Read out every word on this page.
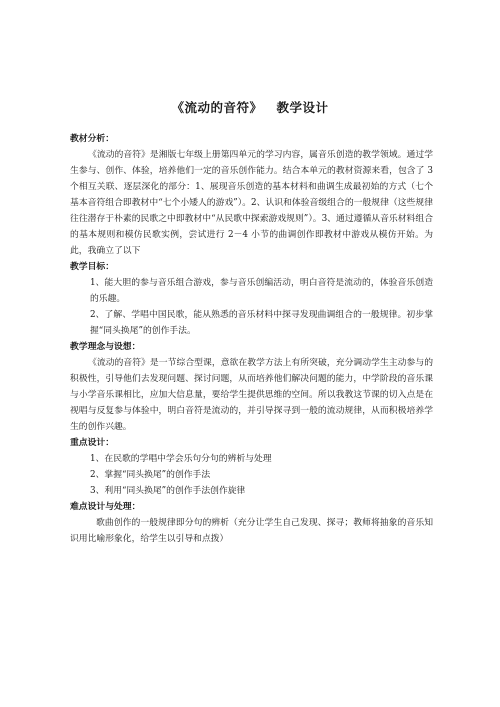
《流动的音符》 教学设计
教材分析：

《流动的音符》是湘版七年级上册第四单元的学习内容，属音乐创造的教学领域。通过学生参与、创作、体验，培养他们一定的音乐创作能力。结合本单元的教材资源来看，包含了 3 个相互关联、逐层深化的部分：1、展现音乐创造的基本材料和曲调生成最初始的方式（七个基本音符组合即教材中“七个小矮人的游戏”）。2、认识和体验音级组合的一般规律（这些规律往往潜存于朴素的民歌之中即教材中“从民歌中探索游戏规则”）。3、通过遵循从音乐材料组合的基本规则和模仿民歌实例，尝试进行 2－4 小节的曲调创作即教材中游戏从模仿开始。为此，我确立了以下

教学目标：

1、能大胆的参与音乐组合游戏，参与音乐创编活动，明白音符是流动的，体验音乐创造的乐趣。

2、了解、学唱中国民歌，能从熟悉的音乐材料中探寻发现曲调组合的一般规律。初步掌握“同头换尾”的创作手法。

教学理念与设想：

《流动的音符》是一节综合型课，意欲在教学方法上有所突破，充分调动学生主动参与的积极性，引导他们去发现问题、探讨问题，从而培养他们解决问题的能力，中学阶段的音乐课与小学音乐课相比，应加大信息量，要给学生提供思维的空间。所以我教这节课的切入点是在视唱与反复参与体验中，明白音符是流动的，并引导探寻到一般的流动规律，从而积极培养学生的创作兴趣。

重点设计：

1、在民歌的学唱中学会乐句分句的辨析与处理

2、掌握“同头换尾”的创作手法

3、利用“同头换尾”的创作手法创作旋律

难点设计与处理：

歌曲创作的一般规律即分句的辨析（充分让学生自己发现、探寻；教师将抽象的音乐知识用比喻形象化，给学生以引导和点拨）
